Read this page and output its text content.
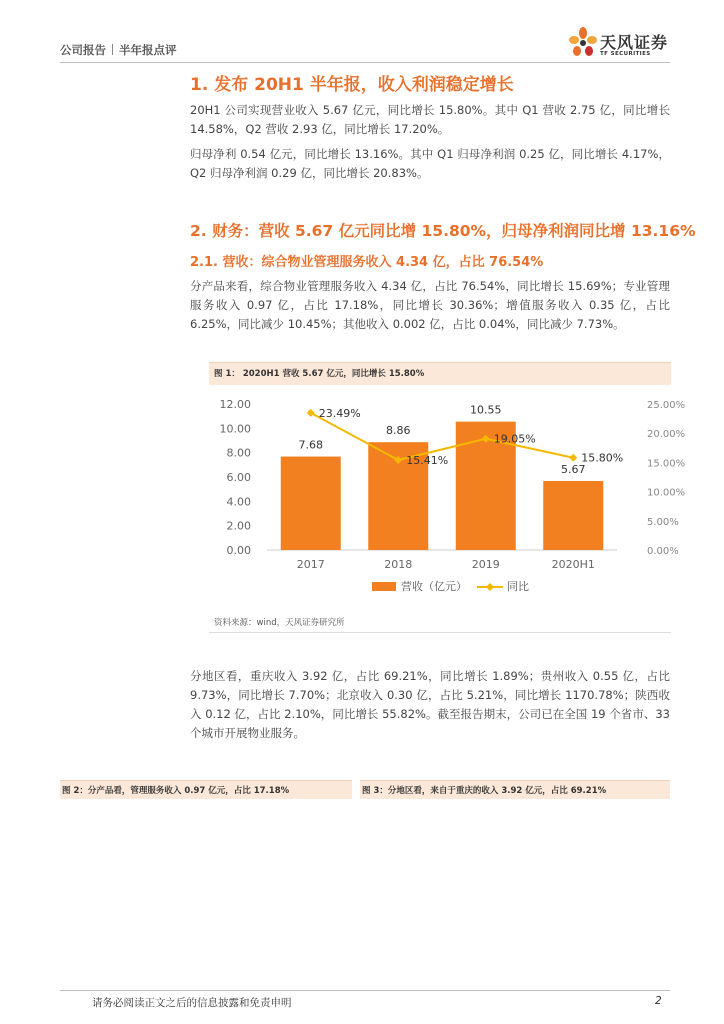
公司报告 半年报点评	天风证券
TF SECURITIES
1. 发布 20H1 半年报，收入利润稳定增长
20H1 公司实现营业收入 5.67 亿元，同比增长 15.80%。其中 Q1 营收 2.75 亿，同比增长 14.58%，Q2 营收 2.93 亿，同比增长 17.20%。
归母净利 0.54 亿元，同比增长 13.16%。其中 Q1 归母净利润 0.25 亿，同比增长 4.17%，Q2 归母净利润 0.29 亿，同比增长 20.83%。
2. 财务：营收 5.67 亿元同比增 15.80%，归母净利润同比增 13.16%
2.1. 营收：综合物业管理服务收入 4.34 亿，占比 76.54%
分产品来看，综合物业管理服务收入 4.34 亿，占比 76.54%，同比增长 15.69%；专业管理服务收入 0.97 亿，占比 17.18%，同比增长 30.36%；增值服务收入 0.35 亿，占比 6.25%，同比减少 10.45%；其他收入 0.002 亿，占比 0.04%，同比减少 7.73%。
图 1： 2020H1 营收 5.67 亿元，同比增长 15.80%
0.00
2.00
4.00
6.00
8.00
10.00
12.00
0.00%
5.00%
10.00%
15.00%
20.00%
25.00%
7.68
2017
8.86
2018
10.55
2019
5.67
2020H1
23.49%
15.41%
19.05%
15.80%
营收（亿元）	同比
资料来源：wind，天风证券研究所
分地区看，重庆收入 3.92 亿，占比 69.21%，同比增长 1.89%；贵州收入 0.55 亿，占比 9.73%，同比增长 7.70%；北京收入 0.30 亿，占比 5.21%，同比增长 1170.78%；陕西收入 0.12 亿，占比 2.10%，同比增长 55.82%。截至报告期末，公司已在全国 19 个省市、33 个城市开展物业服务。
图 2：分产品看，管理服务收入 0.97 亿元，占比 17.18%	图 3：分地区看，来自于重庆的收入 3.92 亿元，占比 69.21%
请务必阅读正文之后的信息披露和免责申明	2
